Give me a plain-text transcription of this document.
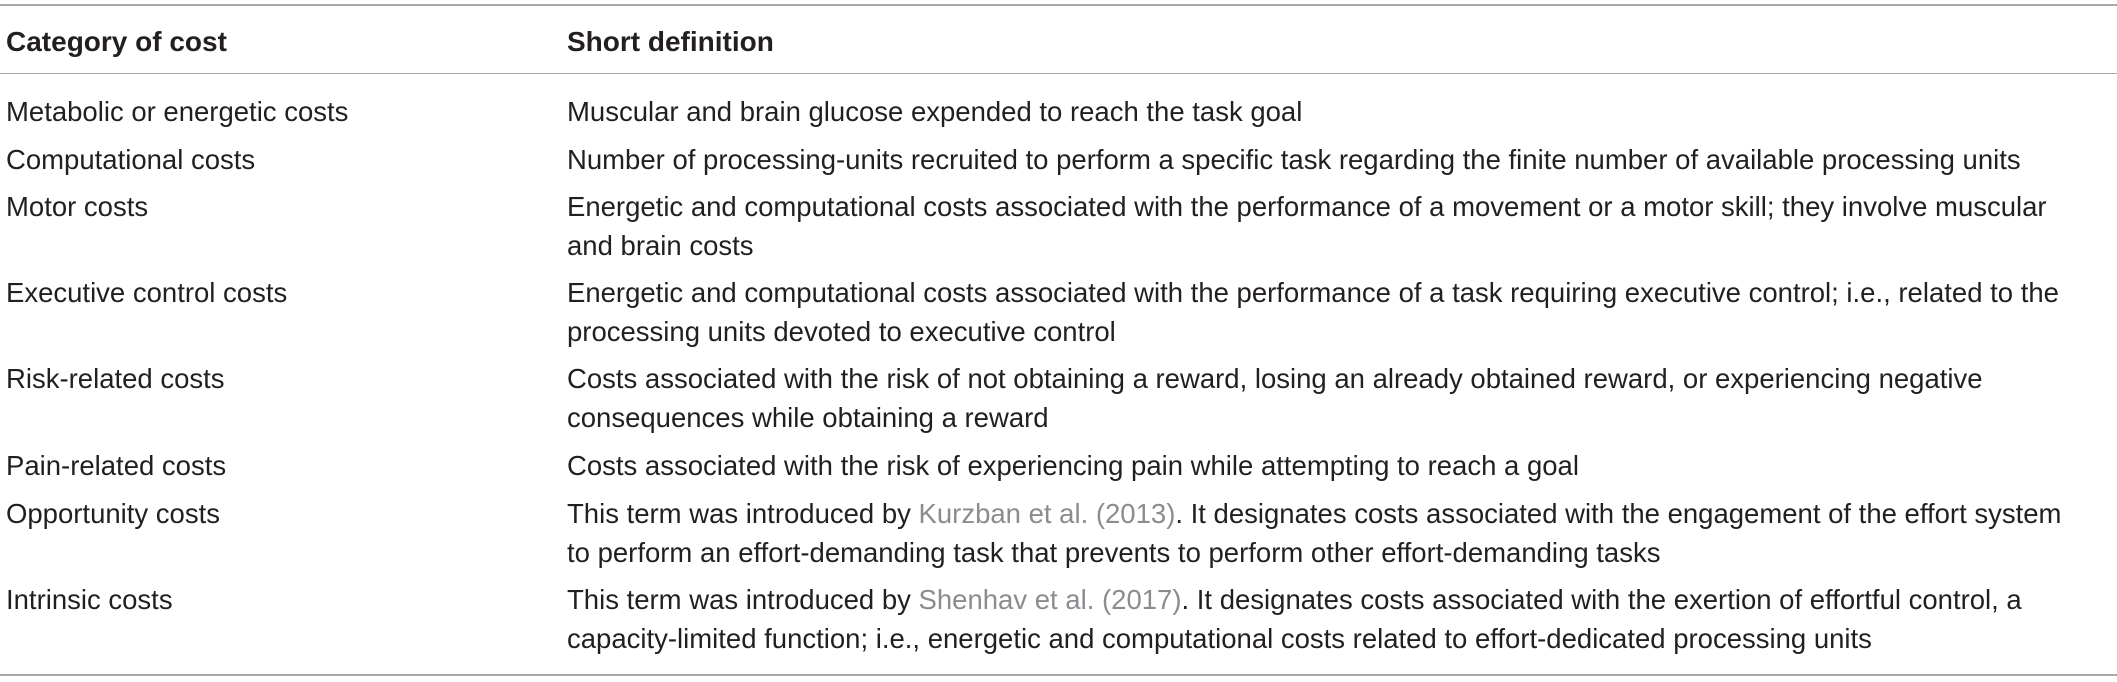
Category of cost	Short definition
Metabolic or energetic costs	Muscular and brain glucose expended to reach the task goal
Computational costs	Number of processing-units recruited to perform a specific task regarding the finite number of available processing units
Motor costs	Energetic and computational costs associated with the performance of a movement or a motor skill; they involve muscular
and brain costs
Executive control costs	Energetic and computational costs associated with the performance of a task requiring executive control; i.e., related to the
processing units devoted to executive control
Risk-related costs	Costs associated with the risk of not obtaining a reward, losing an already obtained reward, or experiencing negative
consequences while obtaining a reward
Pain-related costs	Costs associated with the risk of experiencing pain while attempting to reach a goal
Opportunity costs	This term was introduced by Kurzban et al. (2013). It designates costs associated with the engagement of the effort system
to perform an effort-demanding task that prevents to perform other effort-demanding tasks
Intrinsic costs	This term was introduced by Shenhav et al. (2017). It designates costs associated with the exertion of effortful control, a
capacity-limited function; i.e., energetic and computational costs related to effort-dedicated processing units
